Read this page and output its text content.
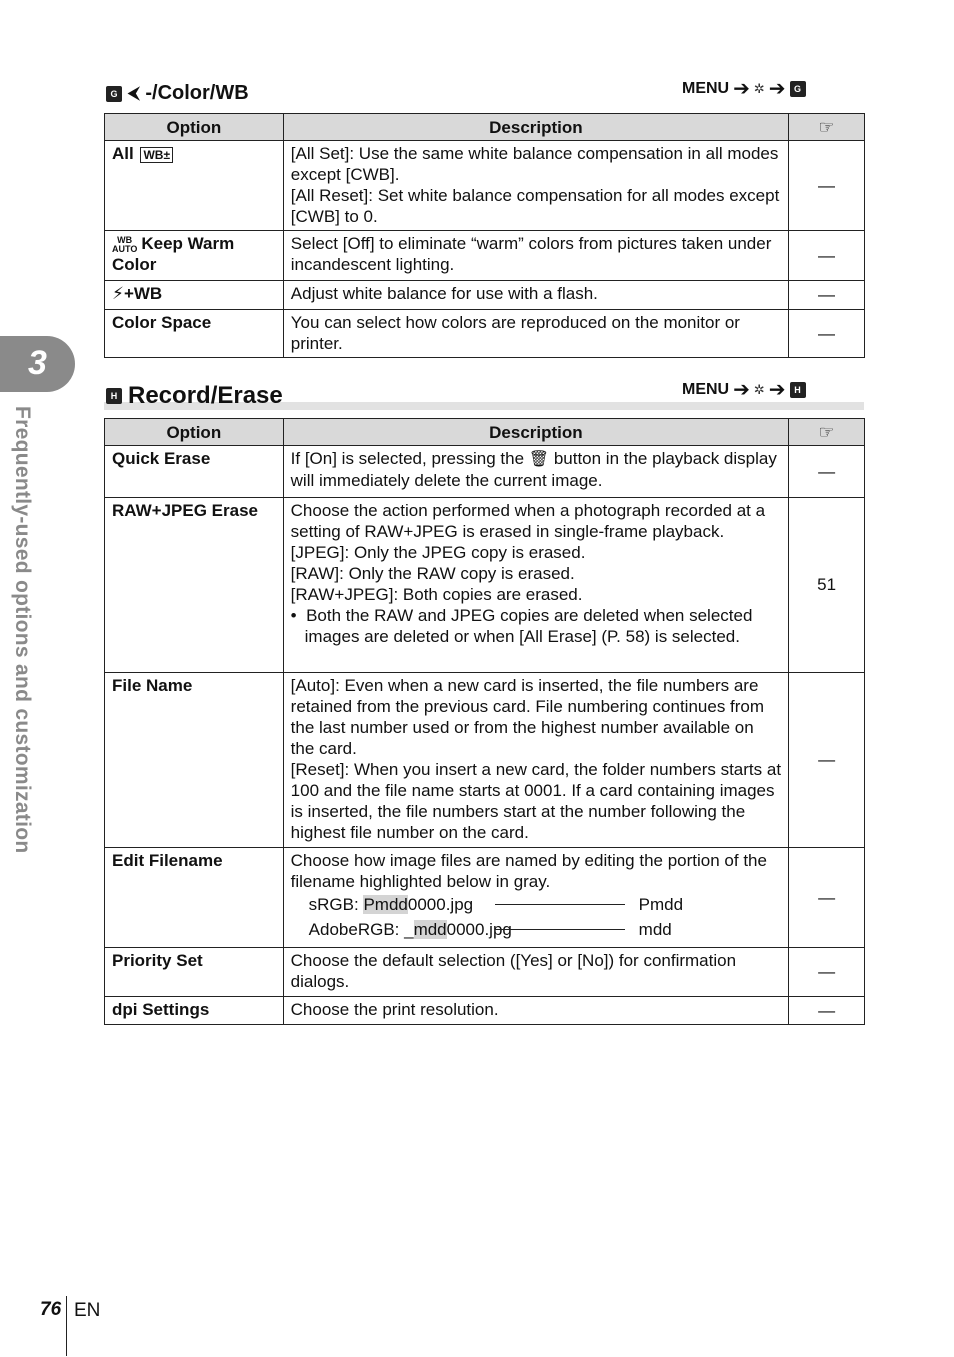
3
Frequently-used options and customization
G ⮜ -/Color/WB	MENU ➔ ✲ ➔ G
Option	Description	☞
All WB±	[All Set]: Use the same white balance compensation in all modes except [CWB].
[All Reset]: Set white balance compensation for all modes except [CWB] to 0.	—

WB
AUTO Keep Warm Color	Select [Off] to eliminate “warm” colors from pictures taken under incandescent lighting.	—
⚡+WB	Adjust white balance for use with a flash.	—
Color Space	You can select how colors are reproduced on the monitor or printer.	—
H Record/Erase	MENU ➔ ✲ ➔ H
Option	Description	☞
Quick Erase	If [On] is selected, pressing the 🗑 button in the playback display will immediately delete the current image.	—
RAW+JPEG Erase	Choose the action performed when a photograph recorded at a setting of RAW+JPEG is erased in single-frame playback.
[JPEG]: Only the JPEG copy is erased.
[RAW]: Only the RAW copy is erased.
[RAW+JPEG]: Both copies are erased.
•  Both the RAW and JPEG copies are deleted when selected images are deleted or when [All Erase] (P. 58) is selected.	51
File Name	[Auto]: Even when a new card is inserted, the file numbers are retained from the previous card. File numbering continues from the last number used or from the highest number available on the card.
[Reset]: When you insert a new card, the folder numbers starts at 100 and the file name starts at 0001. If a card containing images is inserted, the file numbers start at the number following the highest file number on the card.	—
Edit Filename	Choose how image files are named by editing the portion of the filename highlighted below in gray.
sRGB: Pmdd0000.jpg Pmdd
AdobeRGB: _mdd0000.jpg mdd	—
Priority Set	Choose the default selection ([Yes] or [No]) for confirmation dialogs.	—
dpi Settings	Choose the print resolution.	—
76 EN
